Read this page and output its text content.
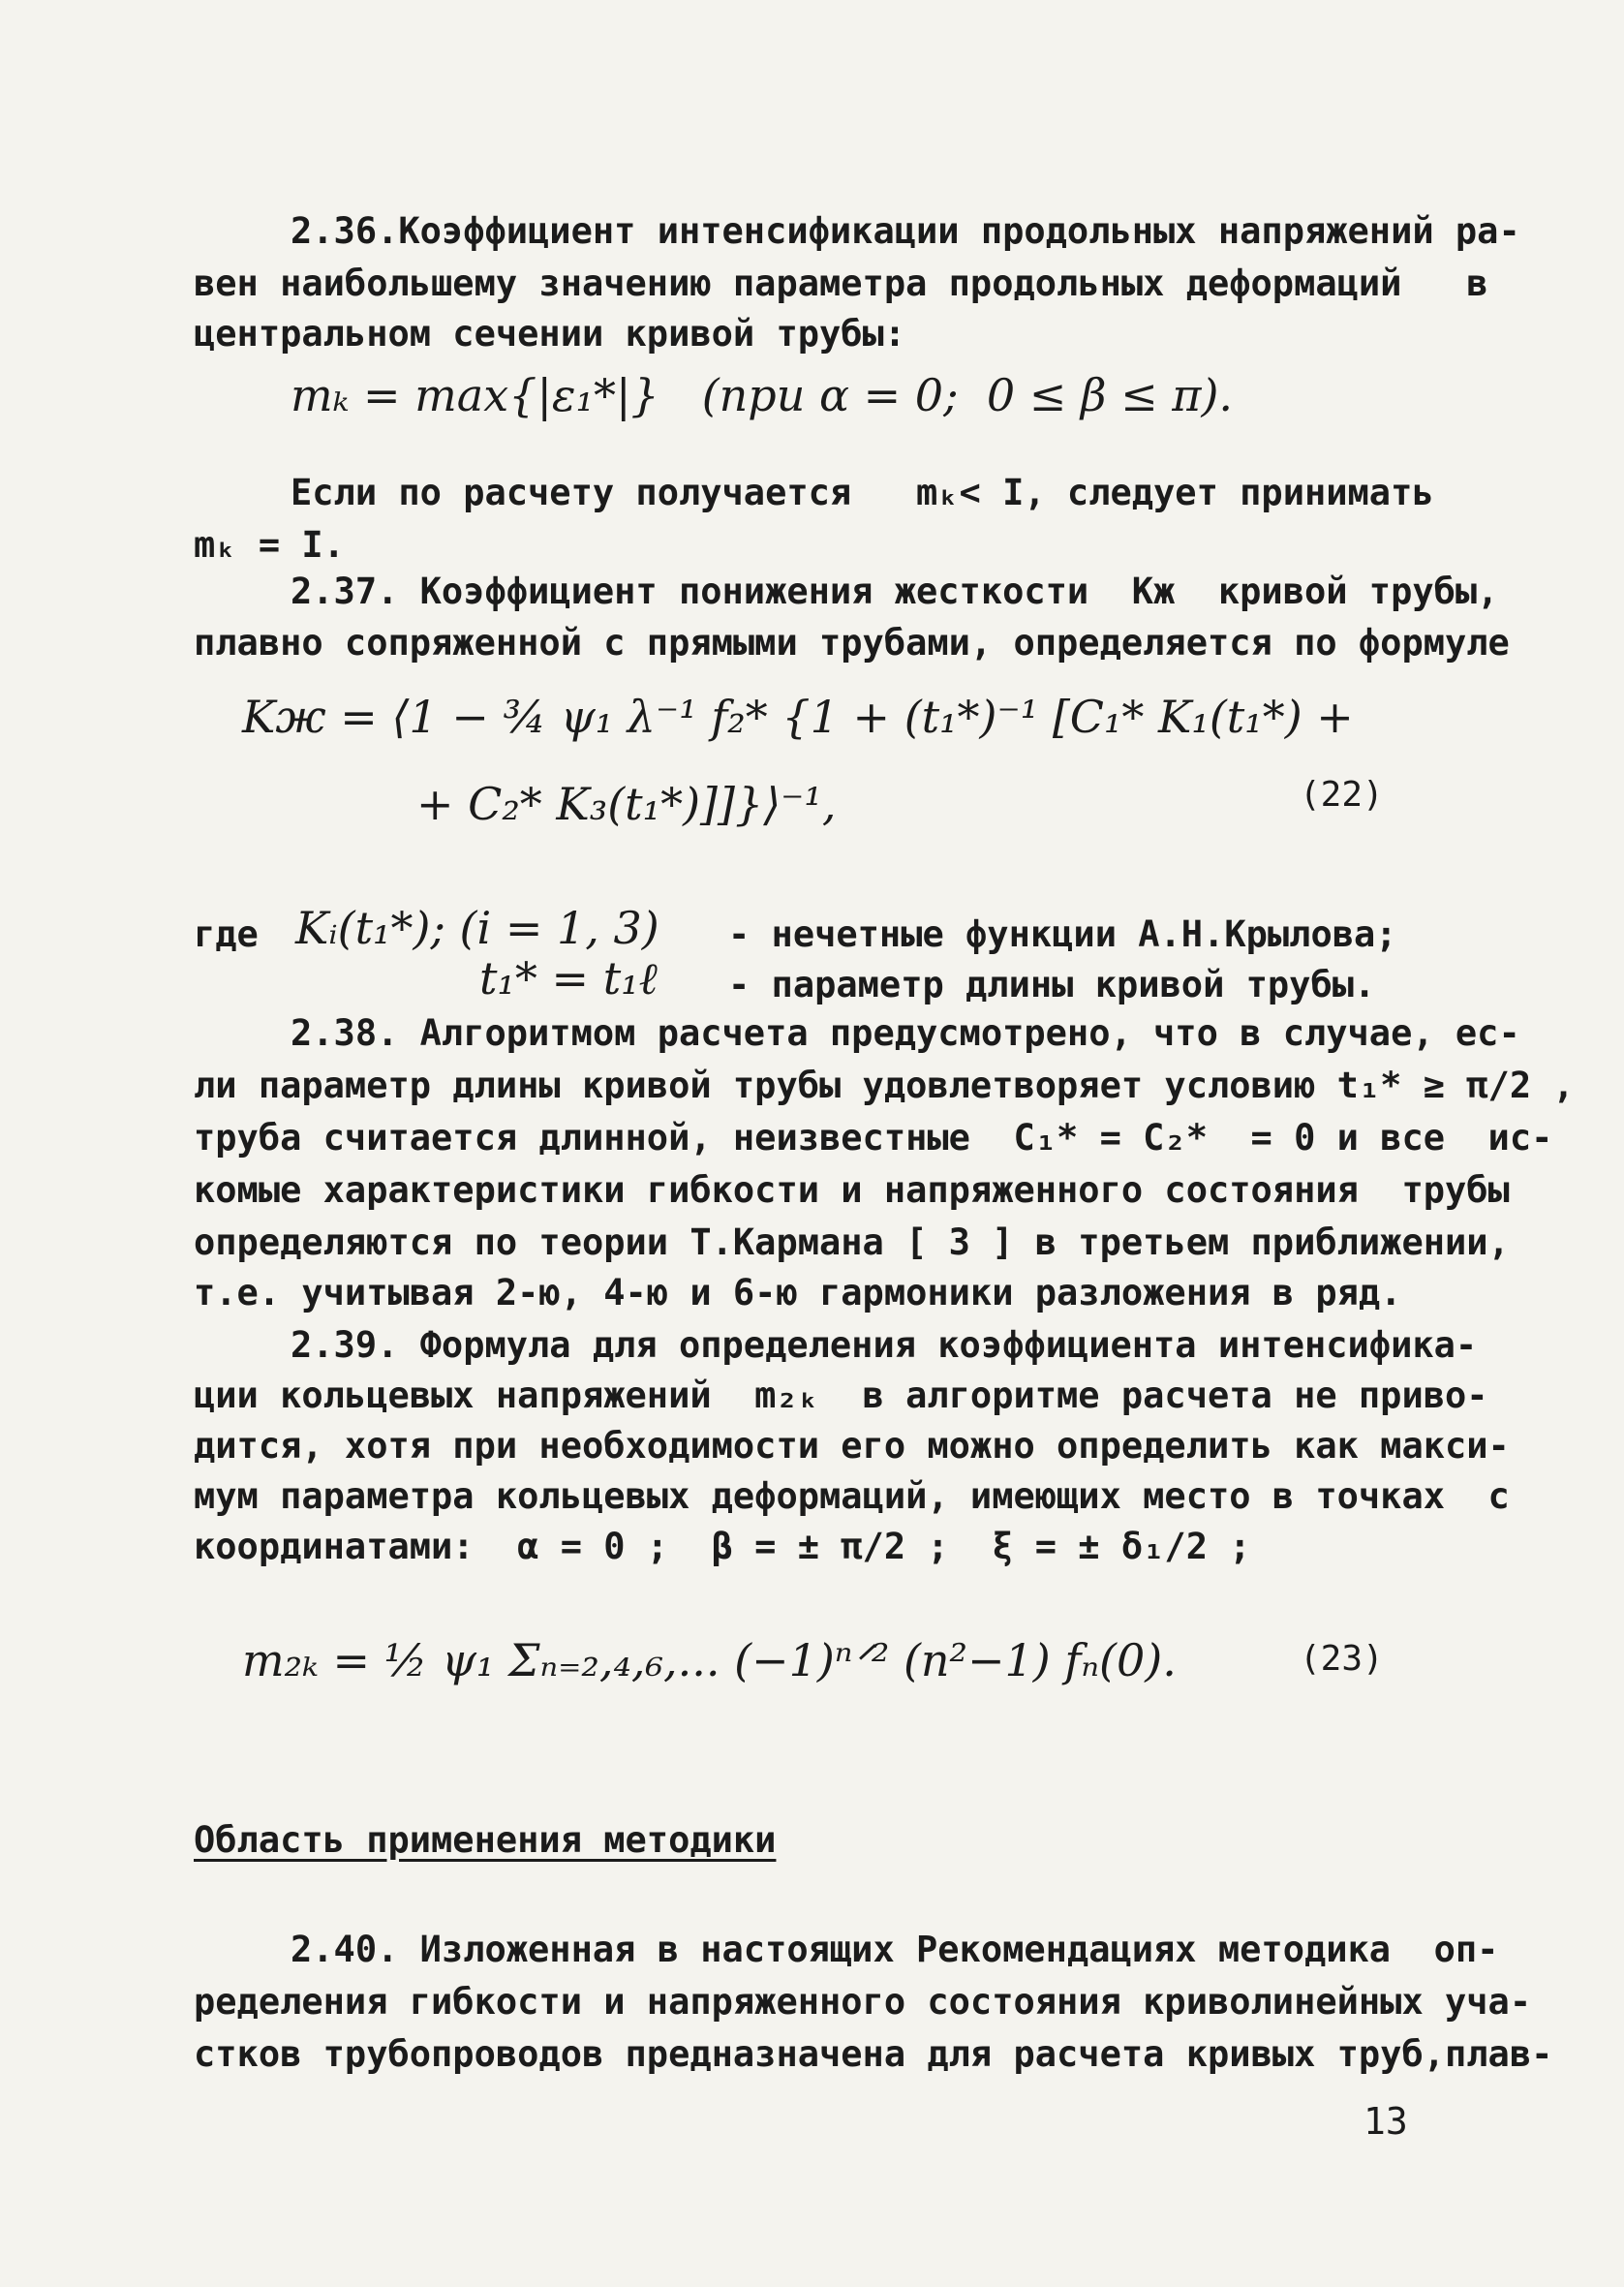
2.36.Коэффициент интенсификации продольных напряжений ра-
вен наибольшему значению параметра продольных деформаций   в
центральном сечении кривой трубы:
mₖ = max{|ε₁*|}   (при α = 0;  0 ≤ β ≤ π).
Если по расчету получается   mₖ< I, следует принимать
mₖ = I.
2.37. Коэффициент понижения жесткости  Kж  кривой трубы,
плавно сопряженной с прямыми трубами, определяется по формуле
Kж = ⟨1 − ¾ ψ₁ λ⁻¹ f₂* {1 + (t₁*)⁻¹ [C₁* K₁(t₁*) +
+ C₂* K₃(t₁*)]]}⟩⁻¹,	(22)
где Kᵢ(t₁*); (i = 1, 3) - нечетные функции А.Н.Крылова;
t₁* = t₁ℓ - параметр длины кривой трубы.
2.38. Алгоритмом расчета предусмотрено, что в случае, ес-
ли параметр длины кривой трубы удовлетворяет условию t₁* ≥ π/2 ,
труба считается длинной, неизвестные  C₁* = C₂*  = 0 и все  ис-
комые характеристики гибкости и напряженного состояния  трубы
определяются по теории Т.Кармана [ 3 ] в третьем приближении,
т.е. учитывая 2-ю, 4-ю и 6-ю гармоники разложения в ряд.
2.39. Формула для определения коэффициента интенсифика-
ции кольцевых напряжений  m₂ₖ  в алгоритме расчета не приво-
дится, хотя при необходимости его можно определить как макси-
мум параметра кольцевых деформаций, имеющих место в точках  с
координатами:  α = 0 ;  β = ± π/2 ;  ξ = ± δ₁/2 ;
m₂ₖ = ½ ψ₁ Σₙ₌₂,₄,₆,... (−1)ⁿᐟ² (n²−1) fₙ(0).	(23)
Область применения методики
2.40. Изложенная в настоящих Рекомендациях методика  оп-
ределения гибкости и напряженного состояния криволинейных уча-
стков трубопроводов предназначена для расчета кривых труб,плав-
13
